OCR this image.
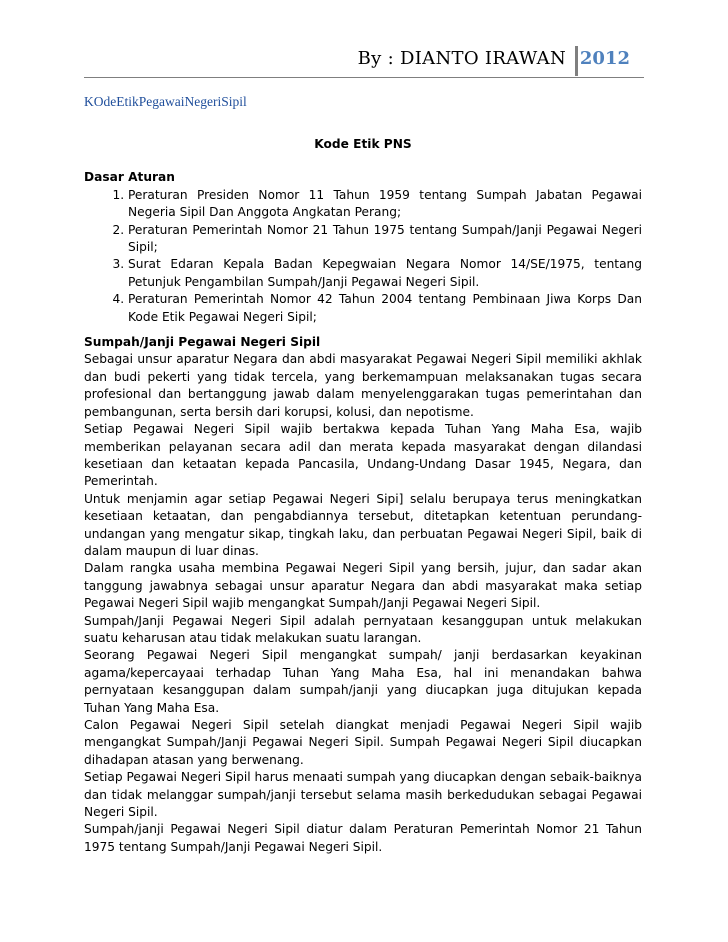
By : DIANTO IRAWAN 2012
KOdeEtikPegawaiNegeriSipil
Kode Etik PNS
Dasar Aturan
1. Peraturan Presiden Nomor 11 Tahun 1959 tentang Sumpah Jabatan Pegawai Negeria Sipil Dan Anggota Angkatan Perang;
2. Peraturan Pemerintah Nomor 21 Tahun 1975 tentang Sumpah/Janji Pegawai Negeri Sipil;
3. Surat Edaran Kepala Badan Kepegwaian Negara Nomor 14/SE/1975, tentang Petunjuk Pengambilan Sumpah/Janji Pegawai Negeri Sipil.
4. Peraturan Pemerintah Nomor 42 Tahun 2004 tentang Pembinaan Jiwa Korps Dan Kode Etik Pegawai Negeri Sipil;
Sumpah/Janji Pegawai Negeri Sipil

Sebagai unsur aparatur Negara dan abdi masyarakat Pegawai Negeri Sipil memiliki akhlak dan budi pekerti yang tidak tercela, yang berkemampuan melaksanakan tugas secara profesional dan bertanggung jawab dalam menyelenggarakan tugas pemerintahan dan pembangunan, serta bersih dari korupsi, kolusi, dan nepotisme.

Setiap Pegawai Negeri Sipil wajib bertakwa kepada Tuhan Yang Maha Esa, wajib memberikan pelayanan secara adil dan merata kepada masyarakat dengan dilandasi kesetiaan dan ketaatan kepada Pancasila, Undang-Undang Dasar 1945, Negara, dan Pemerintah.

Untuk menjamin agar setiap Pegawai Negeri Sipi] selalu berupaya terus meningkatkan kesetiaan ketaatan, dan pengabdiannya tersebut, ditetapkan ketentuan perundang-undangan yang mengatur sikap, tingkah laku, dan perbuatan Pegawai Negeri Sipil, baik di dalam maupun di luar dinas.

Dalam rangka usaha membina Pegawai Negeri Sipil yang bersih, jujur, dan sadar akan tanggung jawabnya sebagai unsur aparatur Negara dan abdi masyarakat maka setiap Pegawai Negeri Sipil wajib mengangkat Sumpah/Janji Pegawai Negeri Sipil.

Sumpah/Janji Pegawai Negeri Sipil adalah pernyataan kesanggupan untuk melakukan suatu keharusan atau tidak melakukan suatu larangan.

Seorang Pegawai Negeri Sipil mengangkat sumpah/ janji berdasarkan keyakinan agama/kepercayaai terhadap Tuhan Yang Maha Esa, hal ini menandakan bahwa pernyataan kesanggupan dalam sumpah/janji yang diucapkan juga ditujukan kepada Tuhan Yang Maha Esa.

Calon Pegawai Negeri Sipil setelah diangkat menjadi Pegawai Negeri Sipil wajib mengangkat Sumpah/Janji Pegawai Negeri Sipil. Sumpah Pegawai Negeri Sipil diucapkan dihadapan atasan yang berwenang.

Setiap Pegawai Negeri Sipil harus menaati sumpah yang diucapkan dengan sebaik-baiknya dan tidak melanggar sumpah/janji tersebut selama masih berkedudukan sebagai Pegawai Negeri Sipil.

Sumpah/janji Pegawai Negeri Sipil diatur dalam Peraturan Pemerintah Nomor 21 Tahun 1975 tentang Sumpah/Janji Pegawai Negeri Sipil.
